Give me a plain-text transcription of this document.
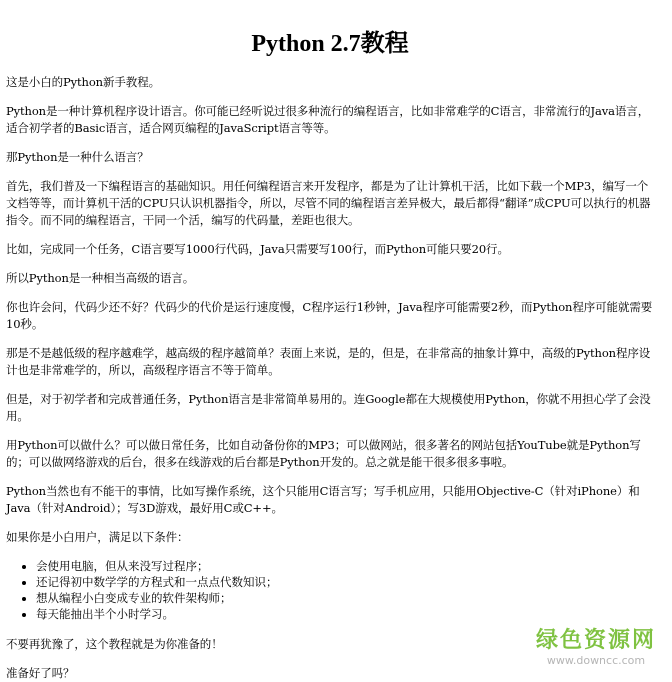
Python 2.7教程

这是小白的Python新手教程。

Python是一种计算机程序设计语言。你可能已经听说过很多种流行的编程语言，比如非常难学的C语言，非常流行的Java语言，适合初学者的Basic语言，适合网页编程的JavaScript语言等等。

那Python是一种什么语言？

首先，我们普及一下编程语言的基础知识。用任何编程语言来开发程序，都是为了让计算机干活，比如下载一个MP3，编写一个文档等等，而计算机干活的CPU只认识机器指令，所以，尽管不同的编程语言差异极大，最后都得“翻译”成CPU可以执行的机器指令。而不同的编程语言，干同一个活，编写的代码量，差距也很大。

比如，完成同一个任务，C语言要写1000行代码，Java只需要写100行，而Python可能只要20行。

所以Python是一种相当高级的语言。

你也许会问，代码少还不好？代码少的代价是运行速度慢，C程序运行1秒钟，Java程序可能需要2秒，而Python程序可能就需要10秒。

那是不是越低级的程序越难学，越高级的程序越简单？表面上来说，是的，但是，在非常高的抽象计算中，高级的Python程序设计也是非常难学的，所以，高级程序语言不等于简单。

但是，对于初学者和完成普通任务，Python语言是非常简单易用的。连Google都在大规模使用Python，你就不用担心学了会没用。

用Python可以做什么？可以做日常任务，比如自动备份你的MP3；可以做网站，很多著名的网站包括YouTube就是Python写的；可以做网络游戏的后台，很多在线游戏的后台都是Python开发的。总之就是能干很多很多事啦。

Python当然也有不能干的事情，比如写操作系统，这个只能用C语言写；写手机应用，只能用Objective-C（针对iPhone）和Java（针对Android）；写3D游戏，最好用C或C++。

如果你是小白用户，满足以下条件：

• 会使用电脑，但从来没写过程序；
• 还记得初中数学学的方程式和一点点代数知识；
• 想从编程小白变成专业的软件架构师；
• 每天能抽出半个小时学习。

不要再犹豫了，这个教程就是为你准备的！

准备好了吗？

绿色资源网
www.downcc.com
